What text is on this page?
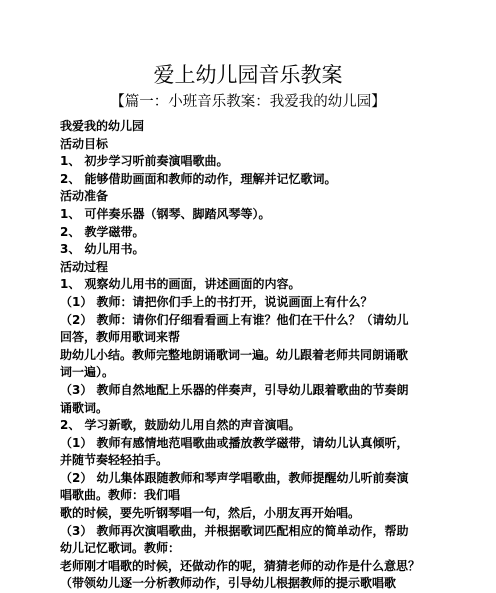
爱上幼儿园音乐教案
【篇一：小班音乐教案：我爱我的幼儿园】
我爱我的幼儿园
活动目标
1、 初步学习听前奏演唱歌曲。
2、 能够借助画面和教师的动作，理解并记忆歌词。
活动准备
1、 可伴奏乐器（钢琴、脚踏风琴等）。
2、 教学磁带。
3、 幼儿用书。
活动过程
1、 观察幼儿用书的画面，讲述画面的内容。
（1） 教师：请把你们手上的书打开，说说画面上有什么？
（2） 教师：请你们仔细看看画上有谁？他们在干什么？（请幼儿
回答，教师用歌词来帮
助幼儿小结。教师完整地朗诵歌词一遍。幼儿跟着老师共同朗诵歌
词一遍）。
（3） 教师自然地配上乐器的伴奏声，引导幼儿跟着歌曲的节奏朗
诵歌词。
2、 学习新歌，鼓励幼儿用自然的声音演唱。
（1） 教师有感情地范唱歌曲或播放教学磁带，请幼儿认真倾听，
并随节奏轻轻拍手。
（2） 幼儿集体跟随教师和琴声学唱歌曲，教师提醒幼儿听前奏演
唱歌曲。教师：我们唱
歌的时候，要先听钢琴唱一句，然后，小朋友再开始唱。
（3） 教师再次演唱歌曲，并根据歌词匹配相应的简单动作，帮助
幼儿记忆歌词。教师：
老师刚才唱歌的时候，还做动作的呢，猜猜老师的动作是什么意思？
（带领幼儿逐一分析教师动作，引导幼儿根据教师的提示歌唱歌
